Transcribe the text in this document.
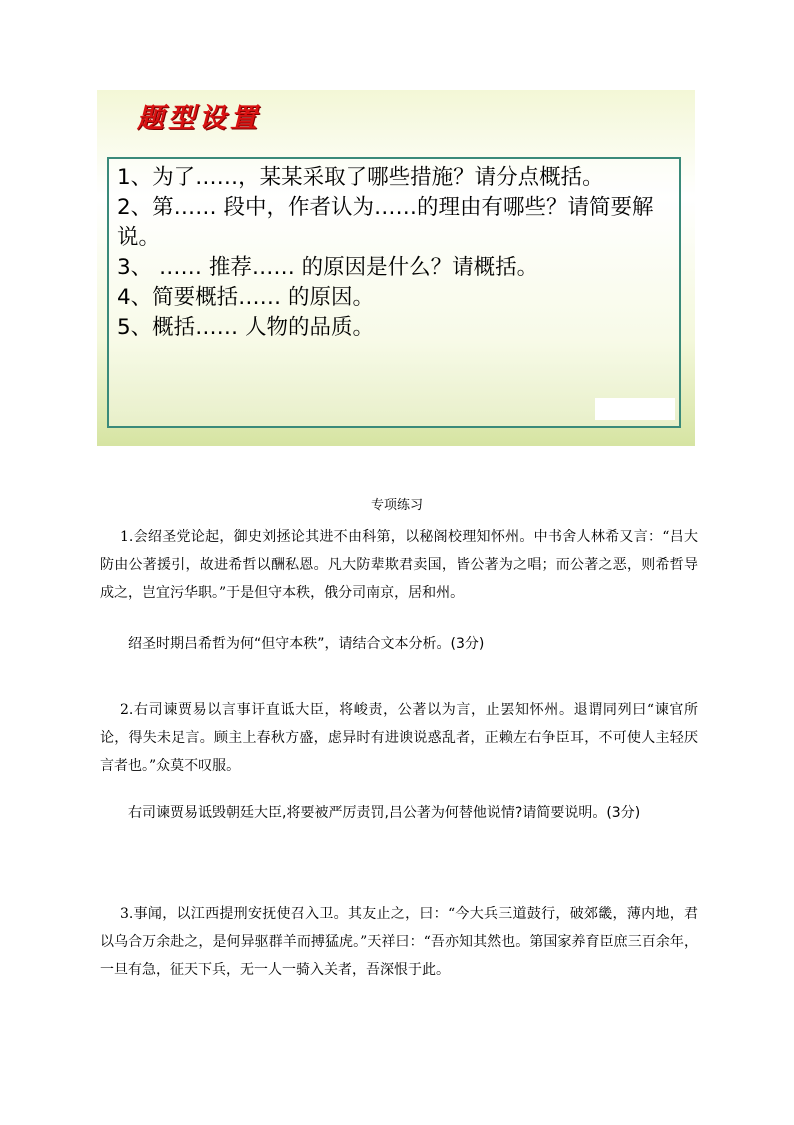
题型设置
1、为了……，某某采取了哪些措施？请分点概括。
2、第…… 段中，作者认为……的理由有哪些？请简要解说。
3、 …… 推荐…… 的原因是什么？请概括。
4、简要概括…… 的原因。
5、概括…… 人物的品质。
专项练习

1.会绍圣党论起，御史刘拯论其进不由科第，以秘阁校理知怀州。中书舍人林希又言：“吕大防由公著援引，故进希哲以酬私恩。凡大防辈欺君卖国，皆公著为之唱；而公著之恶，则希哲导成之，岂宜污华职。”于是但守本秩，俄分司南京，居和州。

绍圣时期吕希哲为何“但守本秩”，请结合文本分析。(3分)

2.右司谏贾易以言事讦直诋大臣，将峻责，公著以为言，止罢知怀州。退谓同列曰“谏官所论，得失未足言。顾主上春秋方盛，虑异时有进谀说惑乱者，正赖左右争臣耳，不可使人主轻厌言者也。”众莫不叹服。

右司谏贾易诋毁朝廷大臣,将要被严厉责罚,吕公著为何替他说情?请简要说明。(3分)

3.事闻，以江西提刑安抚使召入卫。其友止之，曰：“今大兵三道鼓行，破郊畿，薄内地，君以乌合万余赴之，是何异驱群羊而搏猛虎。”天祥曰：“吾亦知其然也。第国家养育臣庶三百余年，一旦有急，征天下兵，无一人一骑入关者，吾深恨于此。
